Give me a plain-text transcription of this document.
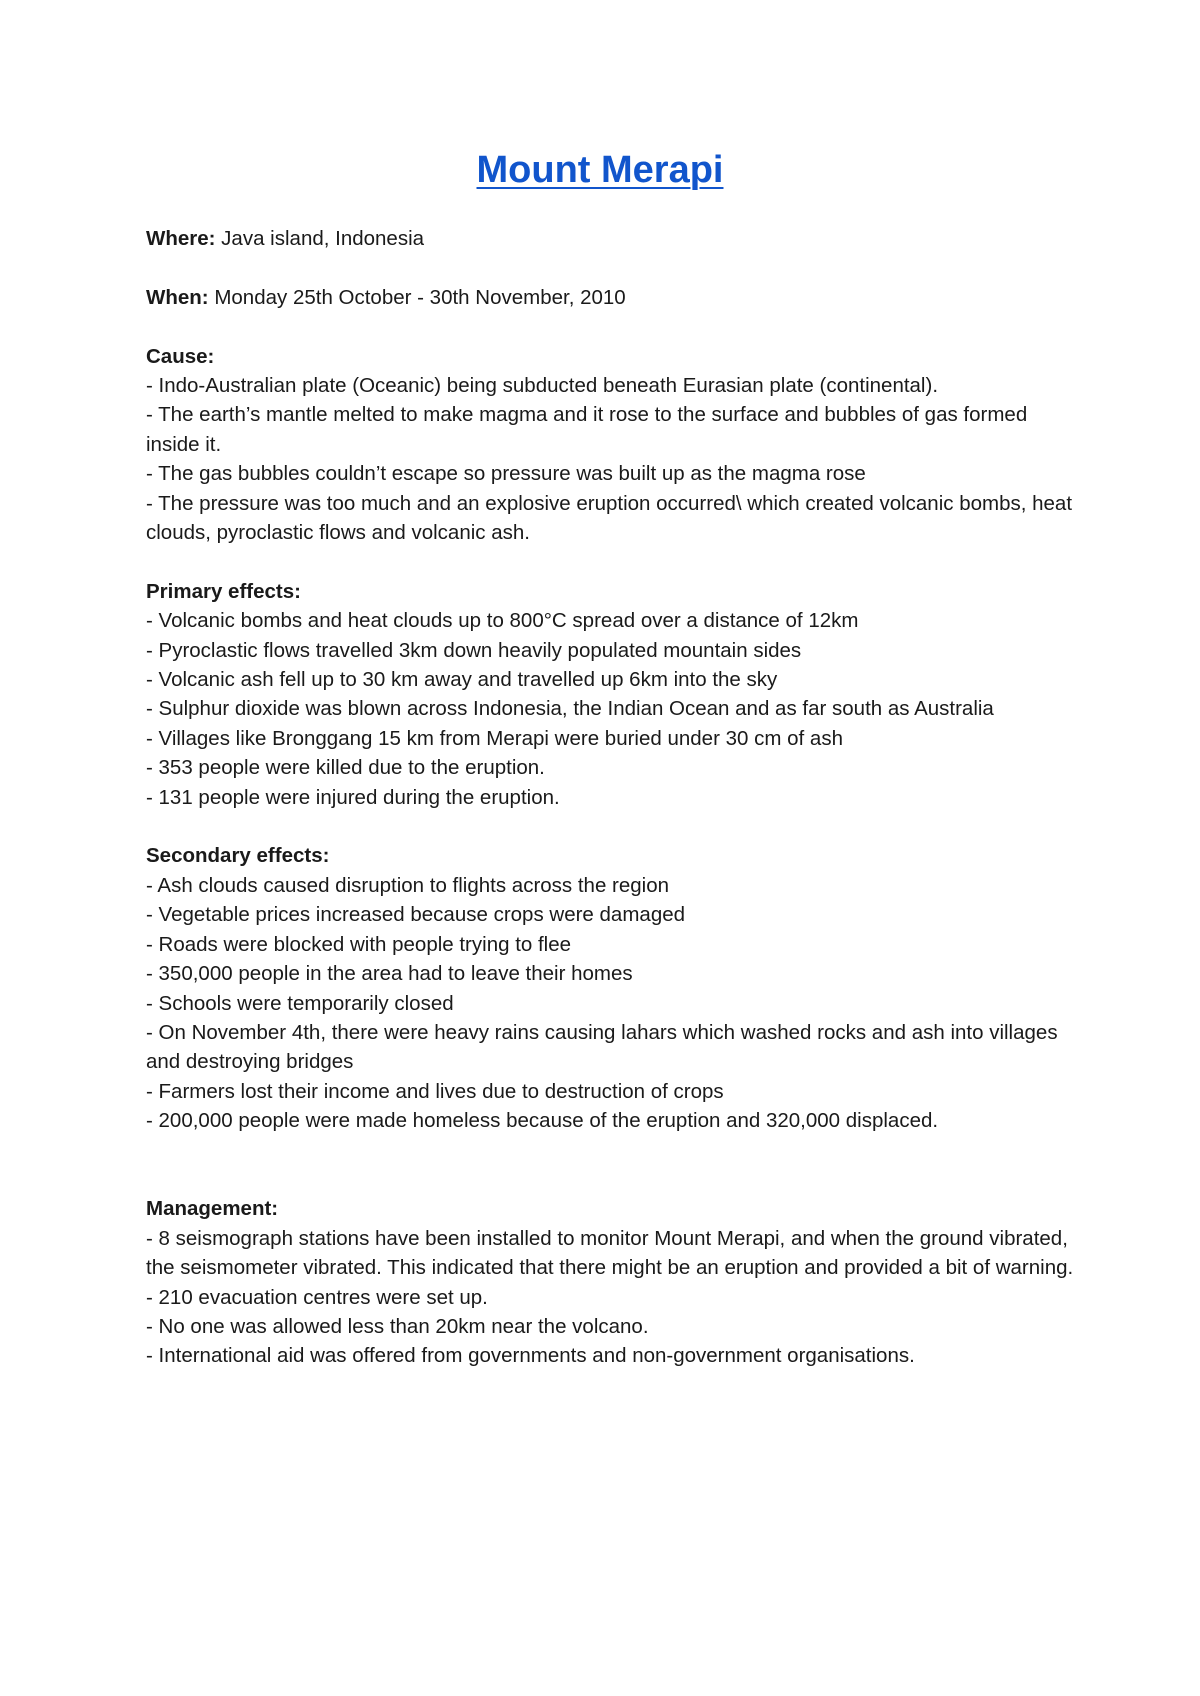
Mount Merapi

Where: Java island, Indonesia

When: Monday 25th October - 30th November, 2010

Cause:

- Indo-Australian plate (Oceanic) being subducted beneath Eurasian plate (continental).

- The earth’s mantle melted to make magma and it rose to the surface and bubbles of gas formed inside it.

- The gas bubbles couldn’t escape so pressure was built up as the magma rose

- The pressure was too much and an explosive eruption occurred\ which created volcanic bombs, heat clouds, pyroclastic flows and volcanic ash.

Primary effects:

- Volcanic bombs and heat clouds up to 800°C spread over a distance of 12km

- Pyroclastic flows travelled 3km down heavily populated mountain sides

- Volcanic ash fell up to 30 km away and travelled up 6km into the sky

- Sulphur dioxide was blown across Indonesia, the Indian Ocean and as far south as Australia

- Villages like Bronggang 15 km from Merapi were buried under 30 cm of ash

- 353 people were killed due to the eruption.

- 131 people were injured during the eruption.

Secondary effects:

- Ash clouds caused disruption to flights across the region

- Vegetable prices increased because crops were damaged

- Roads were blocked with people trying to flee

- 350,000 people in the area had to leave their homes

- Schools were temporarily closed

- On November 4th, there were heavy rains causing lahars which washed rocks and ash into villages and destroying bridges

- Farmers lost their income and lives due to destruction of crops

- 200,000 people were made homeless because of the eruption and 320,000 displaced.

Management:

- 8 seismograph stations have been installed to monitor Mount Merapi, and when the ground vibrated, the seismometer vibrated. This indicated that there might be an eruption and provided a bit of warning.

- 210 evacuation centres were set up.

- No one was allowed less than 20km near the volcano.

- International aid was offered from governments and non-government organisations.
